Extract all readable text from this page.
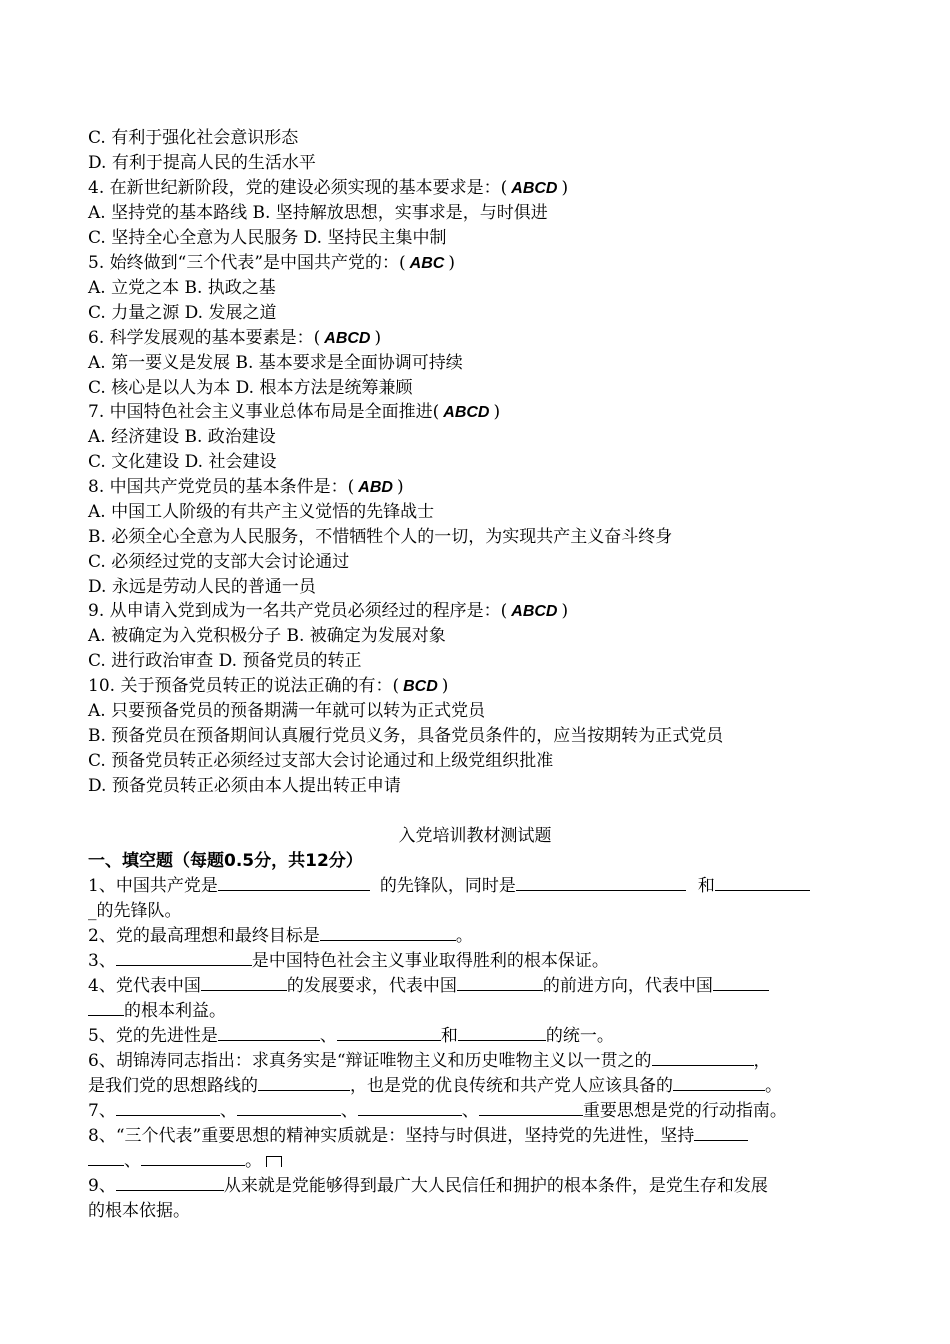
C. 有利于强化社会意识形态
D. 有利于提高人民的生活水平
4. 在新世纪新阶段，党的建设必须实现的基本要求是：( ABCD )
A. 坚持党的基本路线 B. 坚持解放思想，实事求是，与时俱进
C. 坚持全心全意为人民服务 D. 坚持民主集中制
5. 始终做到“三个代表”是中国共产党的：( ABC )
A. 立党之本 B. 执政之基
C. 力量之源 D. 发展之道
6. 科学发展观的基本要素是：( ABCD )
A. 第一要义是发展 B. 基本要求是全面协调可持续
C. 核心是以人为本 D. 根本方法是统筹兼顾
7. 中国特色社会主义事业总体布局是全面推进( ABCD )
A. 经济建设 B. 政治建设
C. 文化建设 D. 社会建设
8. 中国共产党党员的基本条件是：( ABD )
A. 中国工人阶级的有共产主义觉悟的先锋战士
B. 必须全心全意为人民服务，不惜牺牲个人的一切，为实现共产主义奋斗终身
C. 必须经过党的支部大会讨论通过
D. 永远是劳动人民的普通一员
9. 从申请入党到成为一名共产党员必须经过的程序是：( ABCD )
A. 被确定为入党积极分子 B. 被确定为发展对象
C. 进行政治审查 D. 预备党员的转正
10. 关于预备党员转正的说法正确的有：( BCD )
A. 只要预备党员的预备期满一年就可以转为正式党员
B. 预备党员在预备期间认真履行党员义务，具备党员条件的，应当按期转为正式党员
C. 预备党员转正必须经过支部大会讨论通过和上级党组织批准
D. 预备党员转正必须由本人提出转正申请
入党培训教材测试题
一、填空题（每题0.5分，共12分）
1、中国共产党是	的先锋队，同时是	和
_的先锋队。
2、党的最高理想和最终目标是	。
3、	是中国特色社会主义事业取得胜利的根本保证。
4、党代表中国	的发展要求，代表中国	的前进方向，代表中国
的根本利益。
5、党的先进性是	、	和	的统一。
6、胡锦涛同志指出：求真务实是“辩证唯物主义和历史唯物主义以一贯之的	，
是我们党的思想路线的	，也是党的优良传统和共产党人应该具备的	。
7、	、	、	、	重要思想是党的行动指南。
8、“三个代表”重要思想的精神实质就是：坚持与时俱进，坚持党的先进性，坚持
、	。
9、	从来就是党能够得到最广大人民信任和拥护的根本条件，是党生存和发展
的根本依据。
